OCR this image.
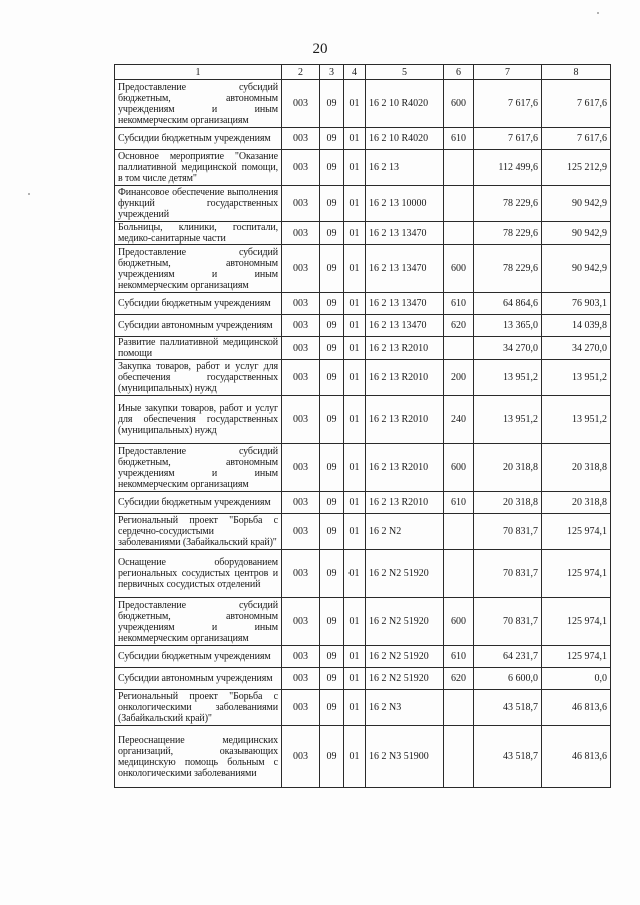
20
1	2	3	4	5	6	7	8
Предоставление субсидий бюджетным, автономным учреждениям и иным некоммерческим организациям	003	09	01	16 2 10 R4020	600	7 617,6	7 617,6
Субсидии бюджетным учреждениям	003	09	01	16 2 10 R4020	610	7 617,6	7 617,6
Основное мероприятие "Оказание паллиативной медицинской помощи, в том числе детям"	003	09	01	16 2 13		112 499,6	125 212,9
Финансовое обеспечение выполнения функций государственных учреждений	003	09	01	16 2 13 10000		78 229,6	90 942,9
Больницы, клиники, госпитали, медико-санитарные части	003	09	01	16 2 13 13470		78 229,6	90 942,9
Предоставление субсидий бюджетным, автономным учреждениям и иным некоммерческим организациям	003	09	01	16 2 13 13470	600	78 229,6	90 942,9
Субсидии бюджетным учреждениям	003	09	01	16 2 13 13470	610	64 864,6	76 903,1
Субсидии автономным учреждениям	003	09	01	16 2 13 13470	620	13 365,0	14 039,8
Развитие паллиативной медицинской помощи	003	09	01	16 2 13 R2010		34 270,0	34 270,0
Закупка товаров, работ и услуг для обеспечения государственных (муниципальных) нужд	003	09	01	16 2 13 R2010	200	13 951,2	13 951,2
Иные закупки товаров, работ и услуг для обеспечения государственных (муниципальных) нужд	003	09	01	16 2 13 R2010	240	13 951,2	13 951,2
Предоставление субсидий бюджетным, автономным учреждениям и иным некоммерческим организациям	003	09	01	16 2 13 R2010	600	20 318,8	20 318,8
Субсидии бюджетным учреждениям	003	09	01	16 2 13 R2010	610	20 318,8	20 318,8
Региональный проект "Борьба с сердечно-сосудистыми заболеваниями (Забайкальский край)"	003	09	01	16 2 N2		70 831,7	125 974,1
Оснащение оборудованием региональных сосудистых центров и первичных сосудистых отделений	003	09	01	16 2 N2 51920		70 831,7	125 974,1
Предоставление субсидий бюджетным, автономным учреждениям и иным некоммерческим организациям	003	09	01	16 2 N2 51920	600	70 831,7	125 974,1
Субсидии бюджетным учреждениям	003	09	01	16 2 N2 51920	610	64 231,7	125 974,1
Субсидии автономным учреждениям	003	09	01	16 2 N2 51920	620	6 600,0	0,0
Региональный проект "Борьба с онкологическими заболеваниями (Забайкальский край)"	003	09	01	16 2 N3		43 518,7	46 813,6
Переоснащение медицинских организаций, оказывающих медицинскую помощь больным с онкологическими заболеваниями	003	09	01	16 2 N3 51900		43 518,7	46 813,6
